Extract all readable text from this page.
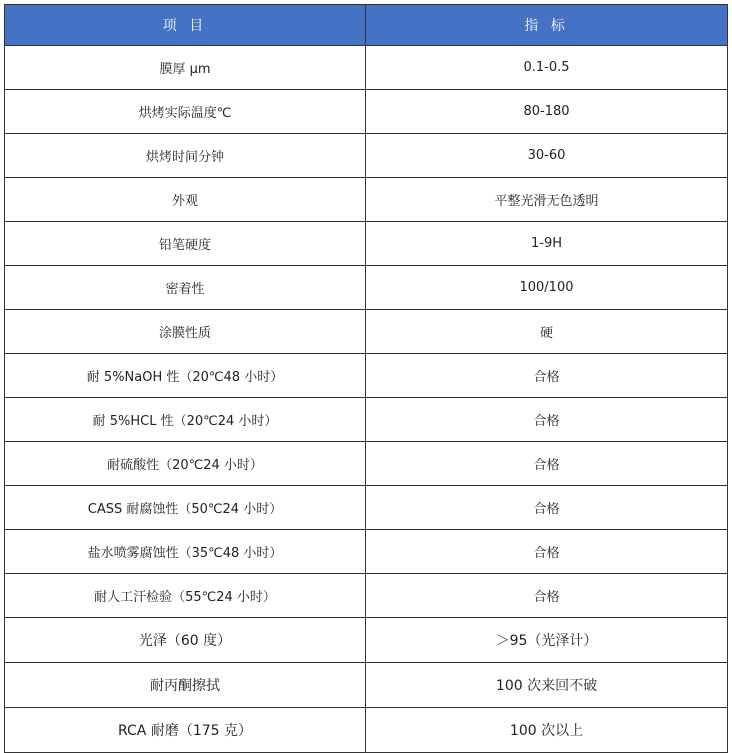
项 目	指 标
膜厚 μm	0.1-0.5
烘烤实际温度℃	80-180
烘烤时间分钟	30-60
外观	平整光滑无色透明
铅笔硬度	1-9H
密着性	100/100
涂膜性质	硬
耐 5%NaOH 性（20℃48 小时）	合格
耐 5%HCL 性（20℃24 小时）	合格
耐硫酸性（20℃24 小时）	合格
CASS 耐腐蚀性（50℃24 小时）	合格
盐水喷雾腐蚀性（35℃48 小时）	合格
耐人工汗检验（55℃24 小时）	合格
光泽（60 度）	＞95（光泽计）
耐丙酮擦拭	100 次来回不破
RCA 耐磨（175 克）	100 次以上
